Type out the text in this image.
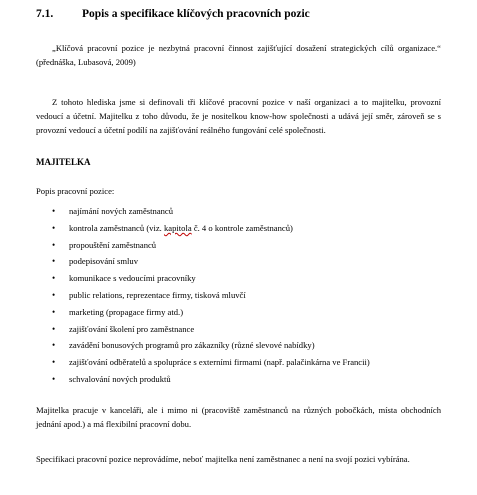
7.1.	Popis a specifikace klíčových pracovních pozic
„Klíčová pracovní pozice je nezbytná pracovní činnost zajišťující dosažení strategických cílů organizace.“ (přednáška, Lubasová, 2009)
Z tohoto hlediska jsme si definovali tři klíčové pracovní pozice v naší organizaci a to majitelku, provozní vedoucí a účetní. Majitelku z toho důvodu, že je nositelkou know-how společnosti a udává její směr, zároveň se s provozní vedoucí a účetní podílí na zajišťování reálného fungování celé společnosti.
MAJITELKA
Popis pracovní pozice:
• najímání nových zaměstnanců
• kontrola zaměstnanců (viz. kapitola č. 4 o kontrole zaměstnanců)
• propouštění zaměstnanců
• podepisování smluv
• komunikace s vedoucími pracovníky
• public relations, reprezentace firmy, tisková mluvčí
• marketing (propagace firmy atd.)
• zajišťování školení pro zaměstnance
• zavádění bonusových programů pro zákazníky (různé slevové nabídky)
• zajišťování odběratelů a spolupráce s externími firmami (např. palačinkárna ve Francii)
• schvalování nových produktů
Majitelka pracuje v kanceláři, ale i mimo ni (pracoviště zaměstnanců na různých pobočkách, místa obchodních jednání apod.) a má flexibilní pracovní dobu.
Specifikaci pracovní pozice neprovádíme, neboť majitelka není zaměstnanec a není na svojí pozici vybírána.
